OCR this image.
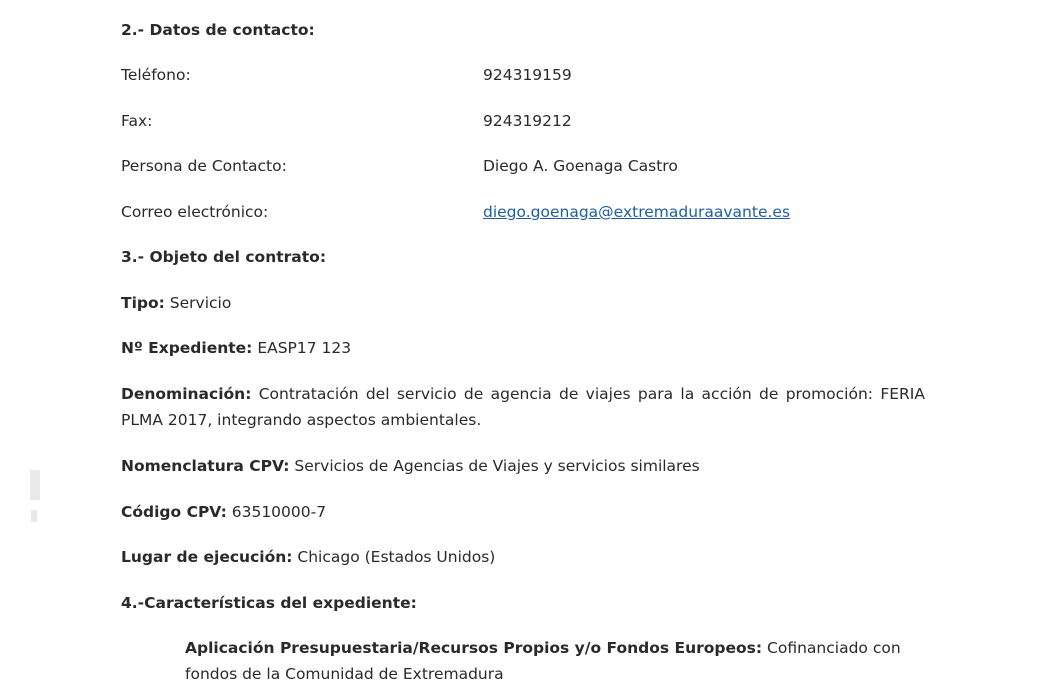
2.- Datos de contacto:
Teléfono:	924319159
Fax:	924319212
Persona de Contacto:	Diego A. Goenaga Castro
Correo electrónico:	diego.goenaga@extremaduraavante.es
3.- Objeto del contrato:
Tipo: Servicio
Nº Expediente: EASP17 123
Denominación: Contratación del servicio de agencia de viajes para la acción de promoción: FERIA PLMA 2017, integrando aspectos ambientales.
Nomenclatura CPV: Servicios de Agencias de Viajes y servicios similares
Código CPV: 63510000-7
Lugar de ejecución: Chicago (Estados Unidos)
4.-Características del expediente:
Aplicación Presupuestaria/Recursos Propios y/o Fondos Europeos: Cofinanciado con fondos de la Comunidad de Extremadura
